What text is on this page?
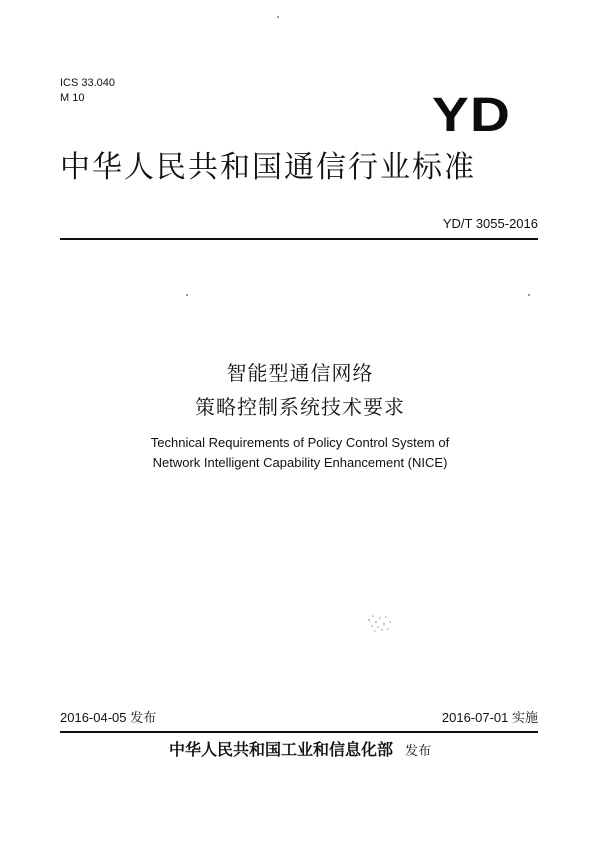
ICS 33.040
M 10	YD
中华人民共和国通信行业标准
YD/T 3055-2016
智能型通信网络
策略控制系统技术要求
Technical Requirements of Policy Control System of
Network Intelligent Capability Enhancement (NICE)
2016-04-05 发布	2016-07-01 实施
中华人民共和国工业和信息化部 发布
